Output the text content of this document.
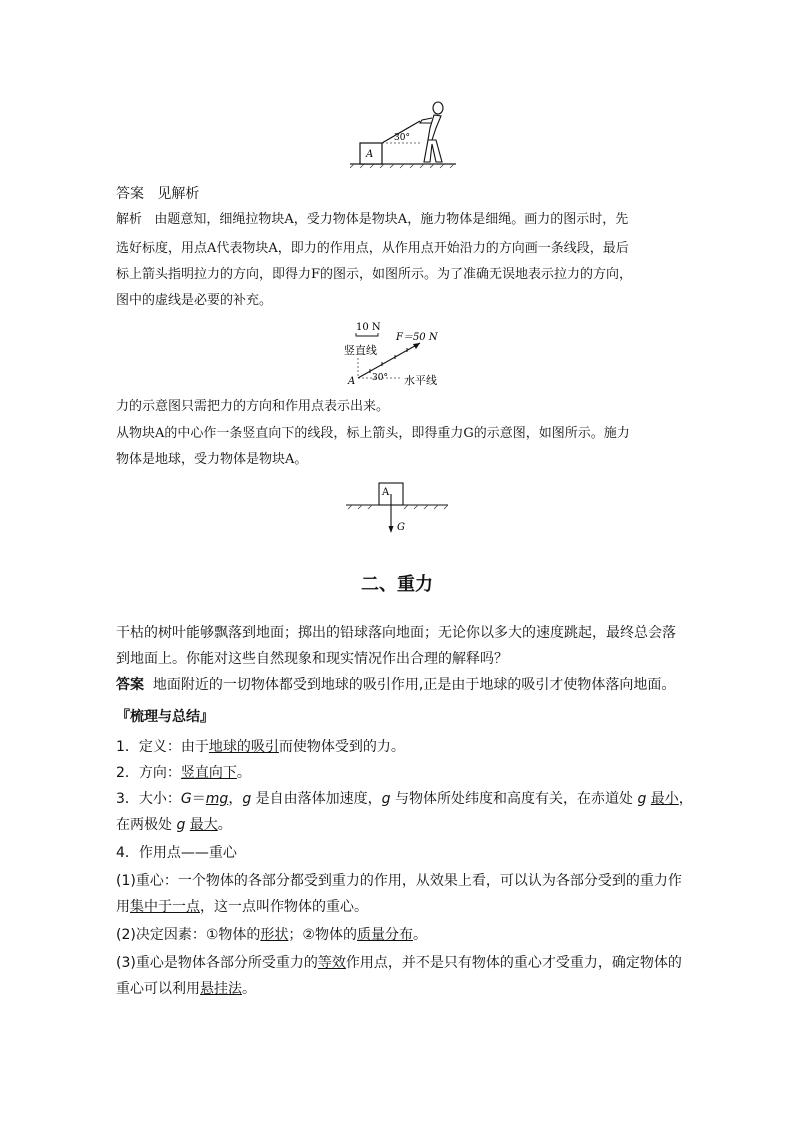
A
30°
答案 见解析
解析 由题意知，细绳拉物块A，受力物体是物块A，施力物体是细绳。画力的图示时，先
选好标度，用点A代表物块A，即力的作用点，从作用点开始沿力的方向画一条线段，最后
标上箭头指明拉力的方向，即得力F的图示，如图所示。为了准确无误地表示拉力的方向，
图中的虚线是必要的补充。
10 N
F＝50 N
竖直线
A 30° 水平线
力的示意图只需把力的方向和作用点表示出来。
从物块A的中心作一条竖直向下的线段，标上箭头，即得重力G的示意图，如图所示。施力
物体是地球，受力物体是物块A。
A
G
二、重力
干枯的树叶能够飘落到地面；掷出的铅球落向地面；无论你以多大的速度跳起，最终总会落
到地面上。你能对这些自然现象和现实情况作出合理的解释吗？
答案 地面附近的一切物体都受到地球的吸引作用,正是由于地球的吸引才使物体落向地面。
『梳理与总结』
1．定义：由于地球的吸引而使物体受到的力。
2．方向：竖直向下。
3．大小：G＝mg，g 是自由落体加速度，g 与物体所处纬度和高度有关，在赤道处 g 最小，
在两极处 g 最大。
4．作用点——重心
(1)重心：一个物体的各部分都受到重力的作用，从效果上看，可以认为各部分受到的重力作
用集中于一点，这一点叫作物体的重心。
(2)决定因素：①物体的形状；②物体的质量分布。
(3)重心是物体各部分所受重力的等效作用点，并不是只有物体的重心才受重力，确定物体的
重心可以利用悬挂法。
